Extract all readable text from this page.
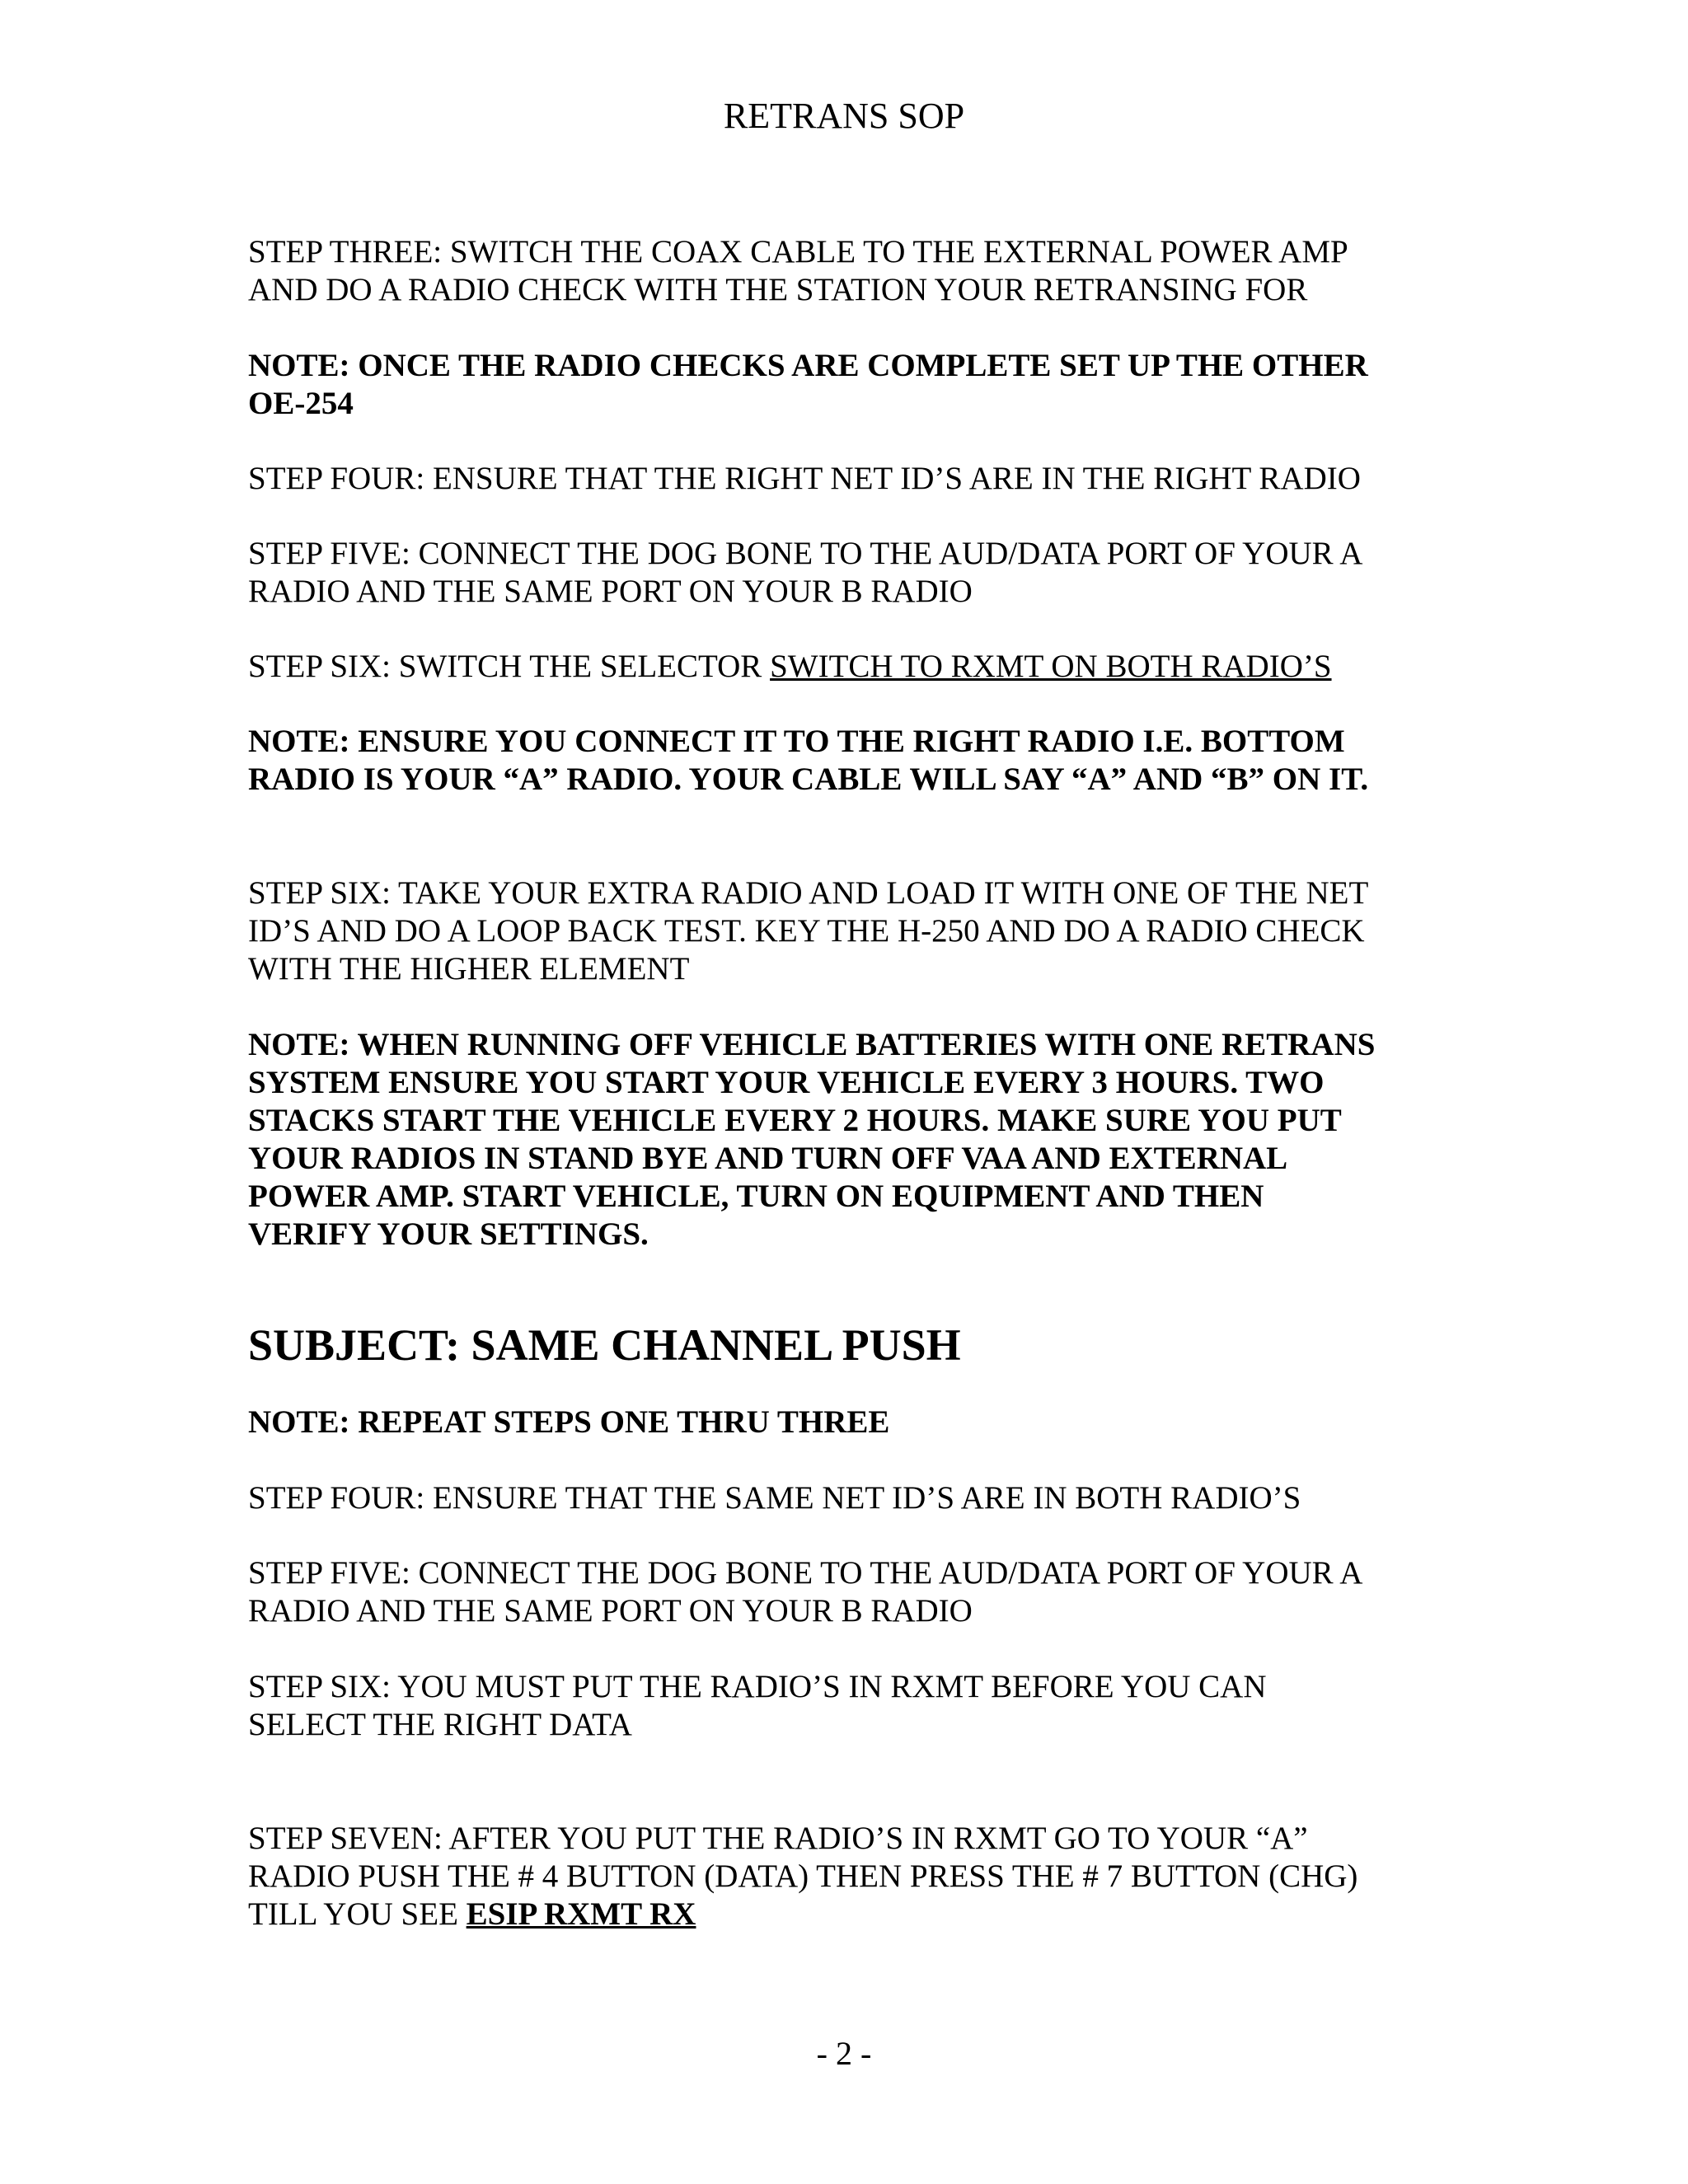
RETRANS SOP

STEP THREE: SWITCH THE COAX CABLE TO THE EXTERNAL POWER AMP

AND DO A RADIO CHECK WITH THE STATION YOUR RETRANSING FOR

NOTE: ONCE THE RADIO CHECKS ARE COMPLETE SET UP THE OTHER

OE-254

STEP FOUR: ENSURE THAT THE RIGHT NET ID’S ARE IN THE RIGHT RADIO

STEP FIVE: CONNECT THE DOG BONE TO THE AUD/DATA PORT OF YOUR A

RADIO AND THE SAME PORT ON YOUR B RADIO

STEP SIX: SWITCH THE SELECTOR SWITCH TO RXMT ON BOTH RADIO’S

NOTE: ENSURE YOU CONNECT IT TO THE RIGHT RADIO I.E. BOTTOM

RADIO IS YOUR “A” RADIO. YOUR CABLE WILL SAY “A” AND “B” ON IT.

STEP SIX: TAKE YOUR EXTRA RADIO AND LOAD IT WITH ONE OF THE NET

ID’S AND DO A LOOP BACK TEST. KEY THE H-250 AND DO A RADIO CHECK

WITH THE HIGHER ELEMENT

NOTE: WHEN RUNNING OFF VEHICLE BATTERIES WITH ONE RETRANS

SYSTEM ENSURE YOU START YOUR VEHICLE EVERY 3 HOURS. TWO

STACKS START THE VEHICLE EVERY 2 HOURS. MAKE SURE YOU PUT

YOUR RADIOS IN STAND BYE AND TURN OFF VAA AND EXTERNAL

POWER AMP. START VEHICLE, TURN ON EQUIPMENT AND THEN

VERIFY YOUR SETTINGS.

SUBJECT: SAME CHANNEL PUSH

NOTE: REPEAT STEPS ONE THRU THREE

STEP FOUR: ENSURE THAT THE SAME NET ID’S ARE IN BOTH RADIO’S

STEP FIVE: CONNECT THE DOG BONE TO THE AUD/DATA PORT OF YOUR A

RADIO AND THE SAME PORT ON YOUR B RADIO

STEP SIX: YOU MUST PUT THE RADIO’S IN RXMT BEFORE YOU CAN

SELECT THE RIGHT DATA

STEP SEVEN: AFTER YOU PUT THE RADIO’S IN RXMT GO TO YOUR “A”

RADIO PUSH THE # 4 BUTTON (DATA) THEN PRESS THE # 7 BUTTON (CHG)

TILL YOU SEE ESIP RXMT RX

- 2 -
